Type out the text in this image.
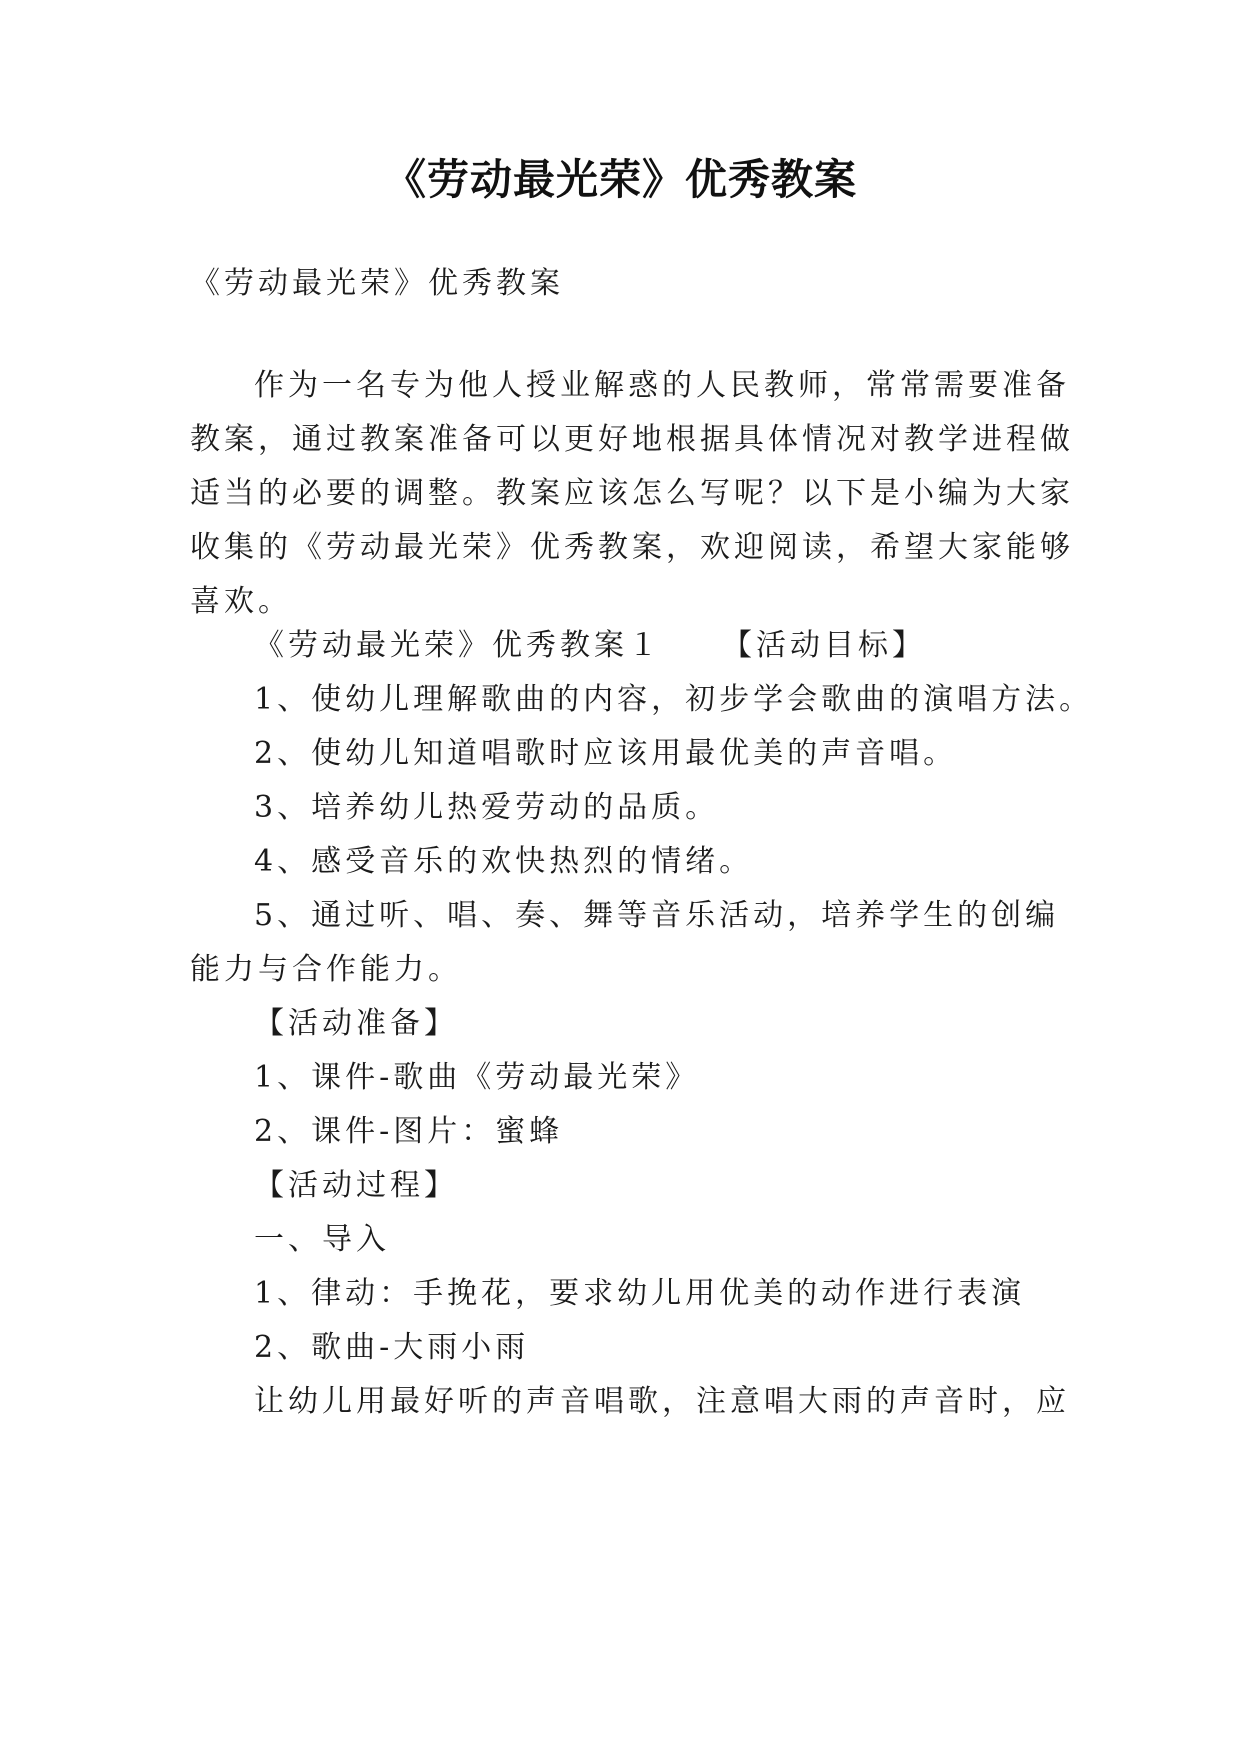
《劳动最光荣》优秀教案
《劳动最光荣》优秀教案
作为一名专为他人授业解惑的人民教师，常常需要准备
教案，通过教案准备可以更好地根据具体情况对教学进程做
适当的必要的调整。教案应该怎么写呢？以下是小编为大家
收集的《劳动最光荣》优秀教案，欢迎阅读，希望大家能够
喜欢。
《劳动最光荣》优秀教案１ 【活动目标】
1、使幼儿理解歌曲的内容，初步学会歌曲的演唱方法。
2、使幼儿知道唱歌时应该用最优美的声音唱。
3、培养幼儿热爱劳动的品质。
4、感受音乐的欢快热烈的情绪。
5、通过听、唱、奏、舞等音乐活动，培养学生的创编
能力与合作能力。
【活动准备】
1、课件-歌曲《劳动最光荣》
2、课件-图片：蜜蜂
【活动过程】
一、导入
1、律动：手挽花，要求幼儿用优美的动作进行表演
2、歌曲-大雨小雨
让幼儿用最好听的声音唱歌，注意唱大雨的声音时，应
